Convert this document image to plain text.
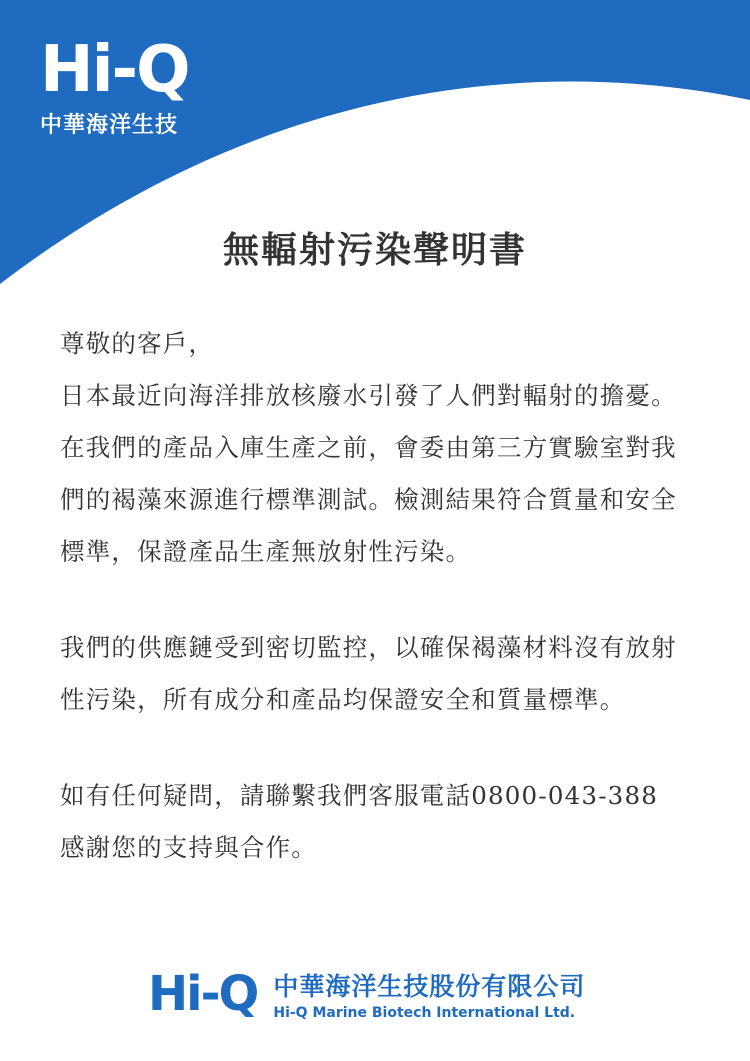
Hi-Q
中華海洋生技
無輻射污染聲明書
尊敬的客戶，
日本最近向海洋排放核廢水引發了人們對輻射的擔憂。
在我們的產品入庫生產之前，會委由第三方實驗室對我
們的褐藻來源進行標準測試。檢測結果符合質量和安全
標準，保證產品生產無放射性污染。
我們的供應鏈受到密切監控，以確保褐藻材料沒有放射
性污染，所有成分和產品均保證安全和質量標準。
如有任何疑問，請聯繫我們客服電話0800-043-388
感謝您的支持與合作。
Hi-Q 中華海洋生技股份有限公司
Hi-Q Marine Biotech International Ltd.
